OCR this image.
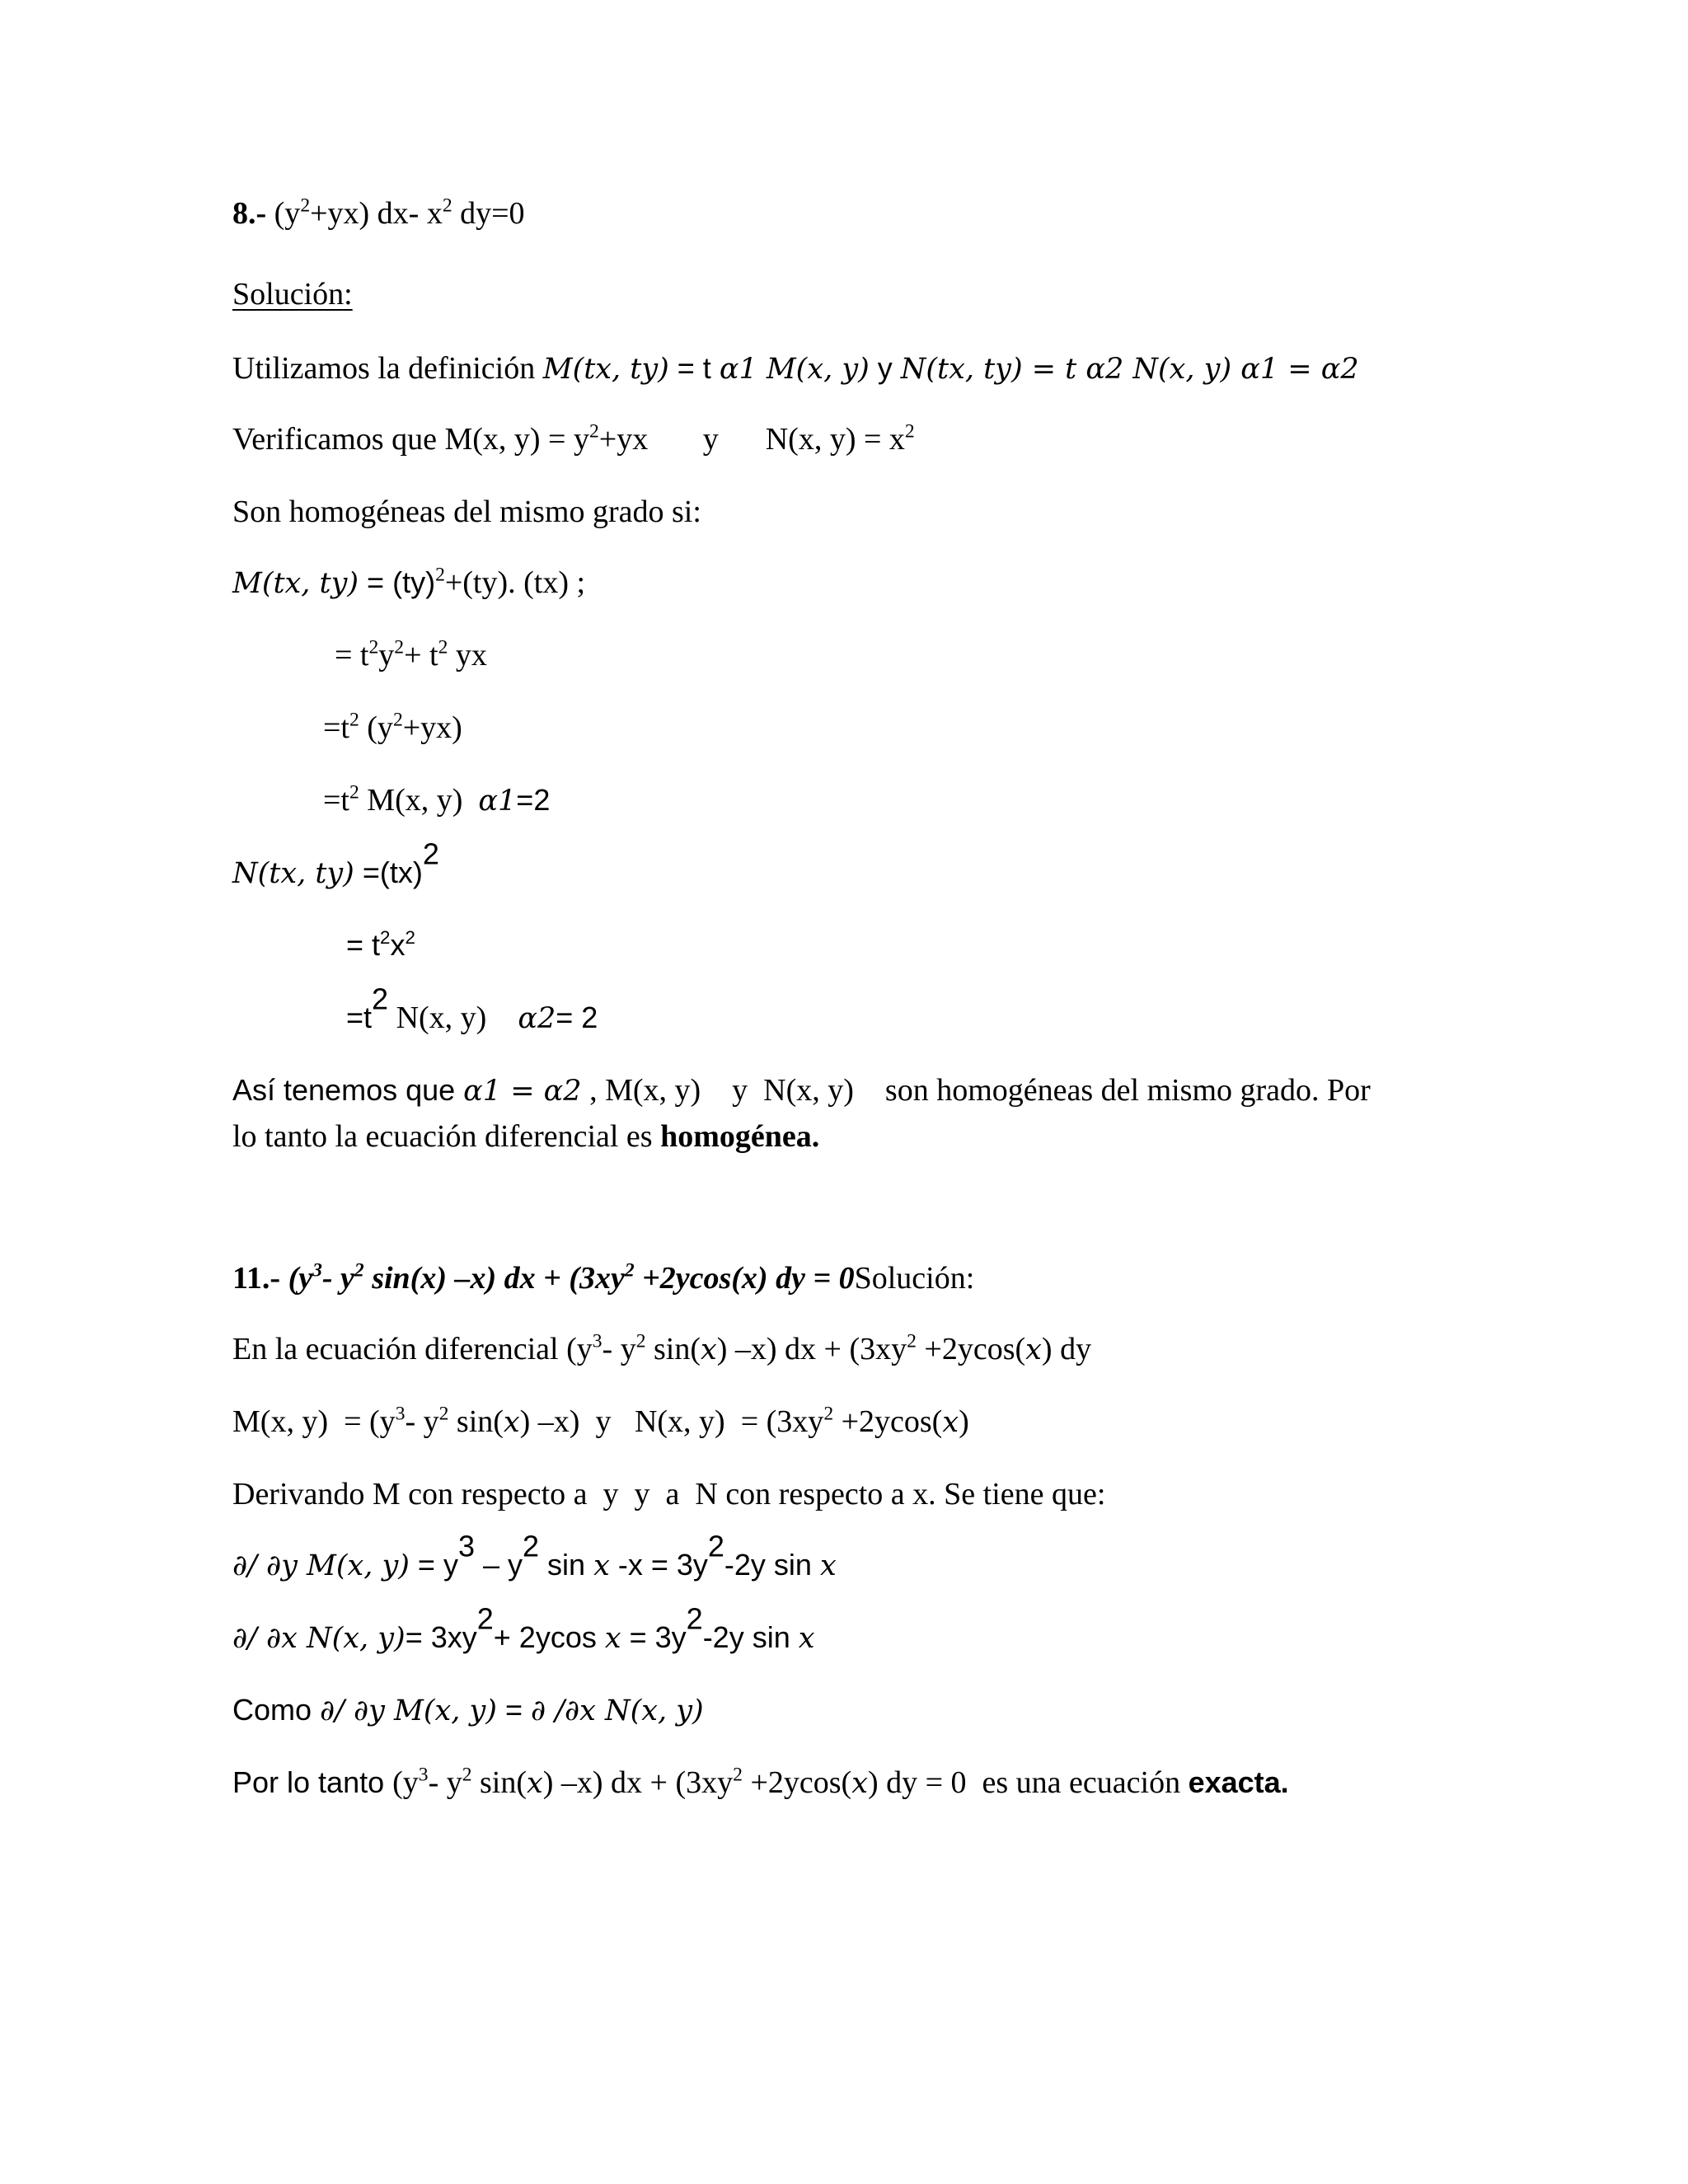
8.- $(y^2+yx)$ dx- $x^2$ dy=0
Solución:
Utilizamos la definición M(tx, ty) = t α1 M(x, y) y N(tx, ty) = t α2 N(x, y) α1 = α2
Verificamos que M(x, $y) = y^2+yx$       y      N(x, $y) = x^2$
Son homogéneas del mismo grado si:
M(tx, ty) = (ty)$^2$+(ty). (tx) ;
= $t^2y^2+ t^2$ yx
$=t^2$ $(y^2+yx)$
$=t^2$ M(x, y)  α1=2
N(tx, ty) =(tx)$^2$
= $t^2x^2$
$=t^2$ N(x, y)    α2= 2
Así tenemos que α1 = α2 , M(x, y)    y  N(x, y)    son homogéneas del mismo grado. Por
lo tanto la ecuación diferencial es homogénea.
11.- ($y^3-$ $y^2$ sin(x) –x) dx + ($3xy^2 +2ycos(x)$ dy = 0Solución:
En la ecuación diferencial ($y^3-$ $y^2$ sin(x) –x) dx + ($3xy^2 +2ycos(x)$ dy
M(x, $y) = (y^3-$ $y^2$ sin(x) –x)  y   N(x, $y) = (3xy^2 +2ycos(x)$
Derivando M con respecto a  y  y  a  N con respecto a x. Se tiene que:
∂/ ∂y M(x, $y) = y^3 - y^2$ sin x $-x = 3y^2-2y$ sin x
∂/ ∂x N(x, $y)= 3xy^2+ 2ycos$ $x = 3y^2-2y$ sin x
Como ∂/ ∂y M(x, y) = ∂ /∂x N(x, y)
Por lo tanto ($y^3-$ $y^2$ sin(x) –x) dx + ($3xy^2 +2ycos(x)$ dy = 0  es una ecuación exacta.
